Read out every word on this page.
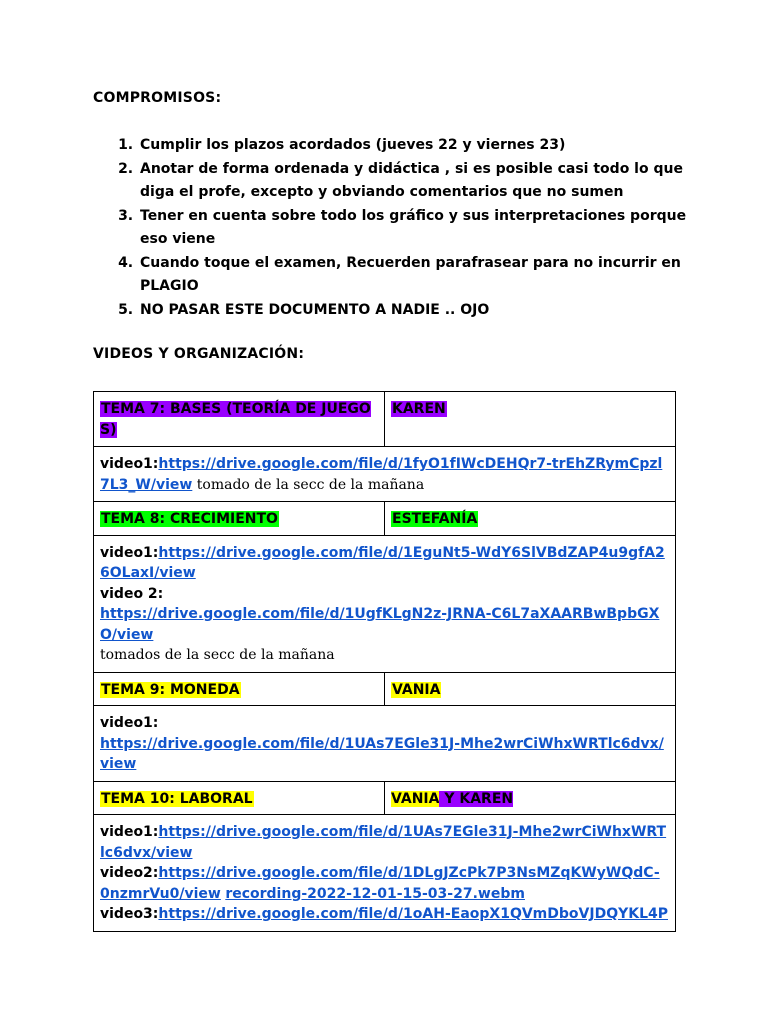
COMPROMISOS:
1. Cumplir los plazos acordados (jueves 22 y viernes 23)
2. Anotar de forma ordenada y didáctica , si es posible casi todo lo que diga el profe, excepto y obviando comentarios que no sumen
3. Tener en cuenta sobre todo los gráfico y sus interpretaciones porque eso viene
4. Cuando toque el examen, Recuerden parafrasear para no incurrir en PLAGIO
5. NO PASAR ESTE DOCUMENTO A NADIE .. OJO
VIDEOS Y ORGANIZACIÓN:
TEMA 7: BASES (TEORÍA DE JUEGOS)	KAREN
video1:https://drive.google.com/file/d/1fyO1fIWcDEHQr7-trEhZRymCpzl7L3_W/view tomado de la secc de la mañana	
TEMA 8: CRECIMIENTO	ESTEFANÍA
video1:https://drive.google.com/file/d/1EguNt5-WdY6SlVBdZAP4u9gfA26OLaxI/view
video 2:
https://drive.google.com/file/d/1UgfKLgN2z-JRNA-C6L7aXAARBwBpbGXO/view
tomados de la secc de la mañana	
TEMA 9: MONEDA	VANIA
video1:
https://drive.google.com/file/d/1UAs7EGle31J-Mhe2wrCiWhxWRTlc6dvx/view	
TEMA 10: LABORAL	VANIA Y KAREN
video1:https://drive.google.com/file/d/1UAs7EGle31J-Mhe2wrCiWhxWRTlc6dvx/view
video2:https://drive.google.com/file/d/1DLgJZcPk7P3NsMZqKWyWQdC-0nzmrVu0/view recording-2022-12-01-15-03-27.webm
video3:https://drive.google.com/file/d/1oAH-EaopX1QVmDboVJDQYKL4P	
